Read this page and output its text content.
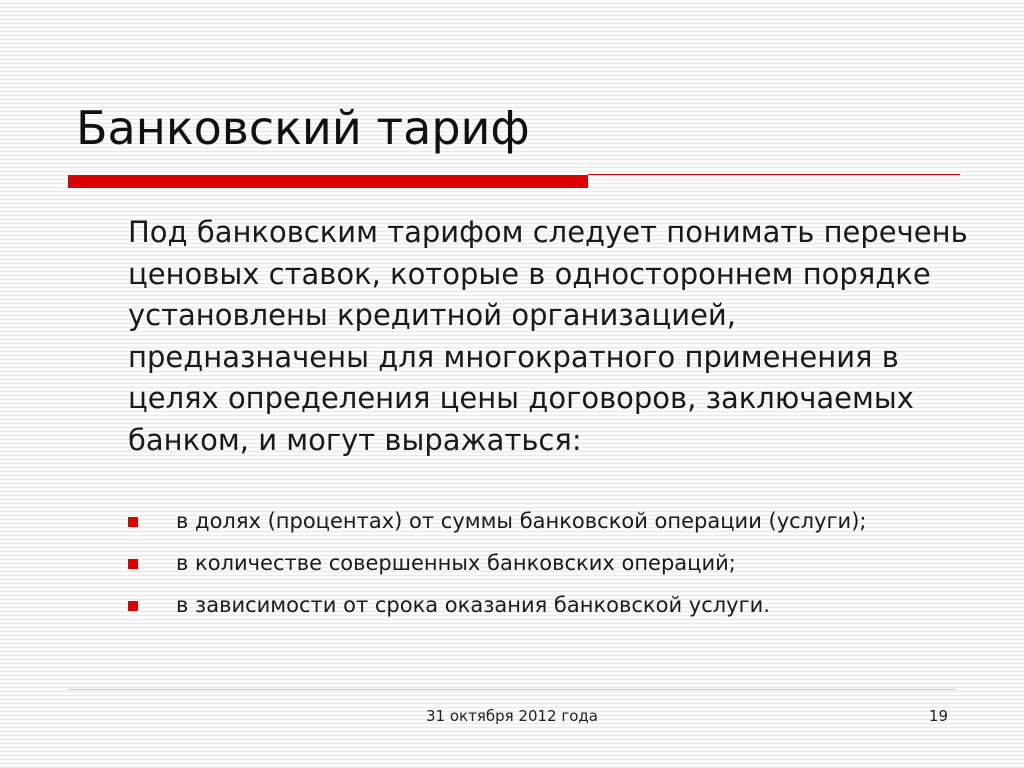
Банковский тариф

Под банковским тарифом следует понимать перечень ценовых ставок, которые в одностороннем порядке установлены кредитной организацией, предназначены для многократного применения в целях определения цены договоров, заключаемых банком, и могут выражаться:

в долях (процентах) от суммы банковской операции (услуги);
в количестве совершенных банковских операций;
в зависимости от срока оказания банковской услуги.
31 октября 2012 года	19
